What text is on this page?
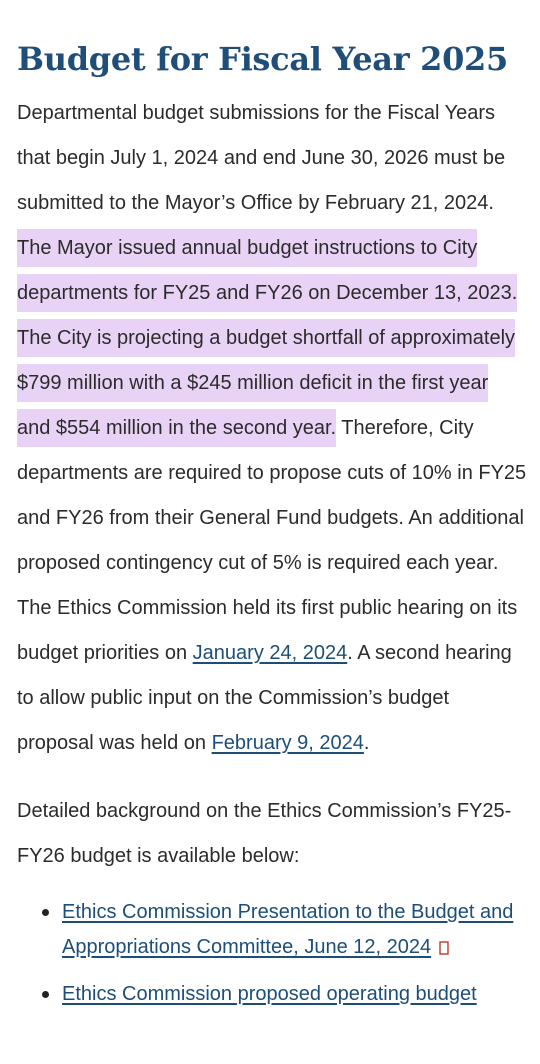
Budget for Fiscal Year 2025

Departmental budget submissions for the Fiscal Years that begin July 1, 2024 and end June 30, 2026 must be submitted to the Mayor’s Office by February 21, 2024. The Mayor issued annual budget instructions to City departments for FY25 and FY26 on December 13, 2023. The City is projecting a budget shortfall of approximately $799 million with a $245 million deficit in the first year and $554 million in the second year. Therefore, City departments are required to propose cuts of 10% in FY25 and FY26 from their General Fund budgets. An additional proposed contingency cut of 5% is required each year. The Ethics Commission held its first public hearing on its budget priorities on January 24, 2024. A second hearing to allow public input on the Commission’s budget proposal was held on February 9, 2024.

Detailed background on the Ethics Commission’s FY25-FY26 budget is available below:

Ethics Commission Presentation to the Budget and Appropriations Committee, June 12, 2024
Ethics Commission proposed operating budget
